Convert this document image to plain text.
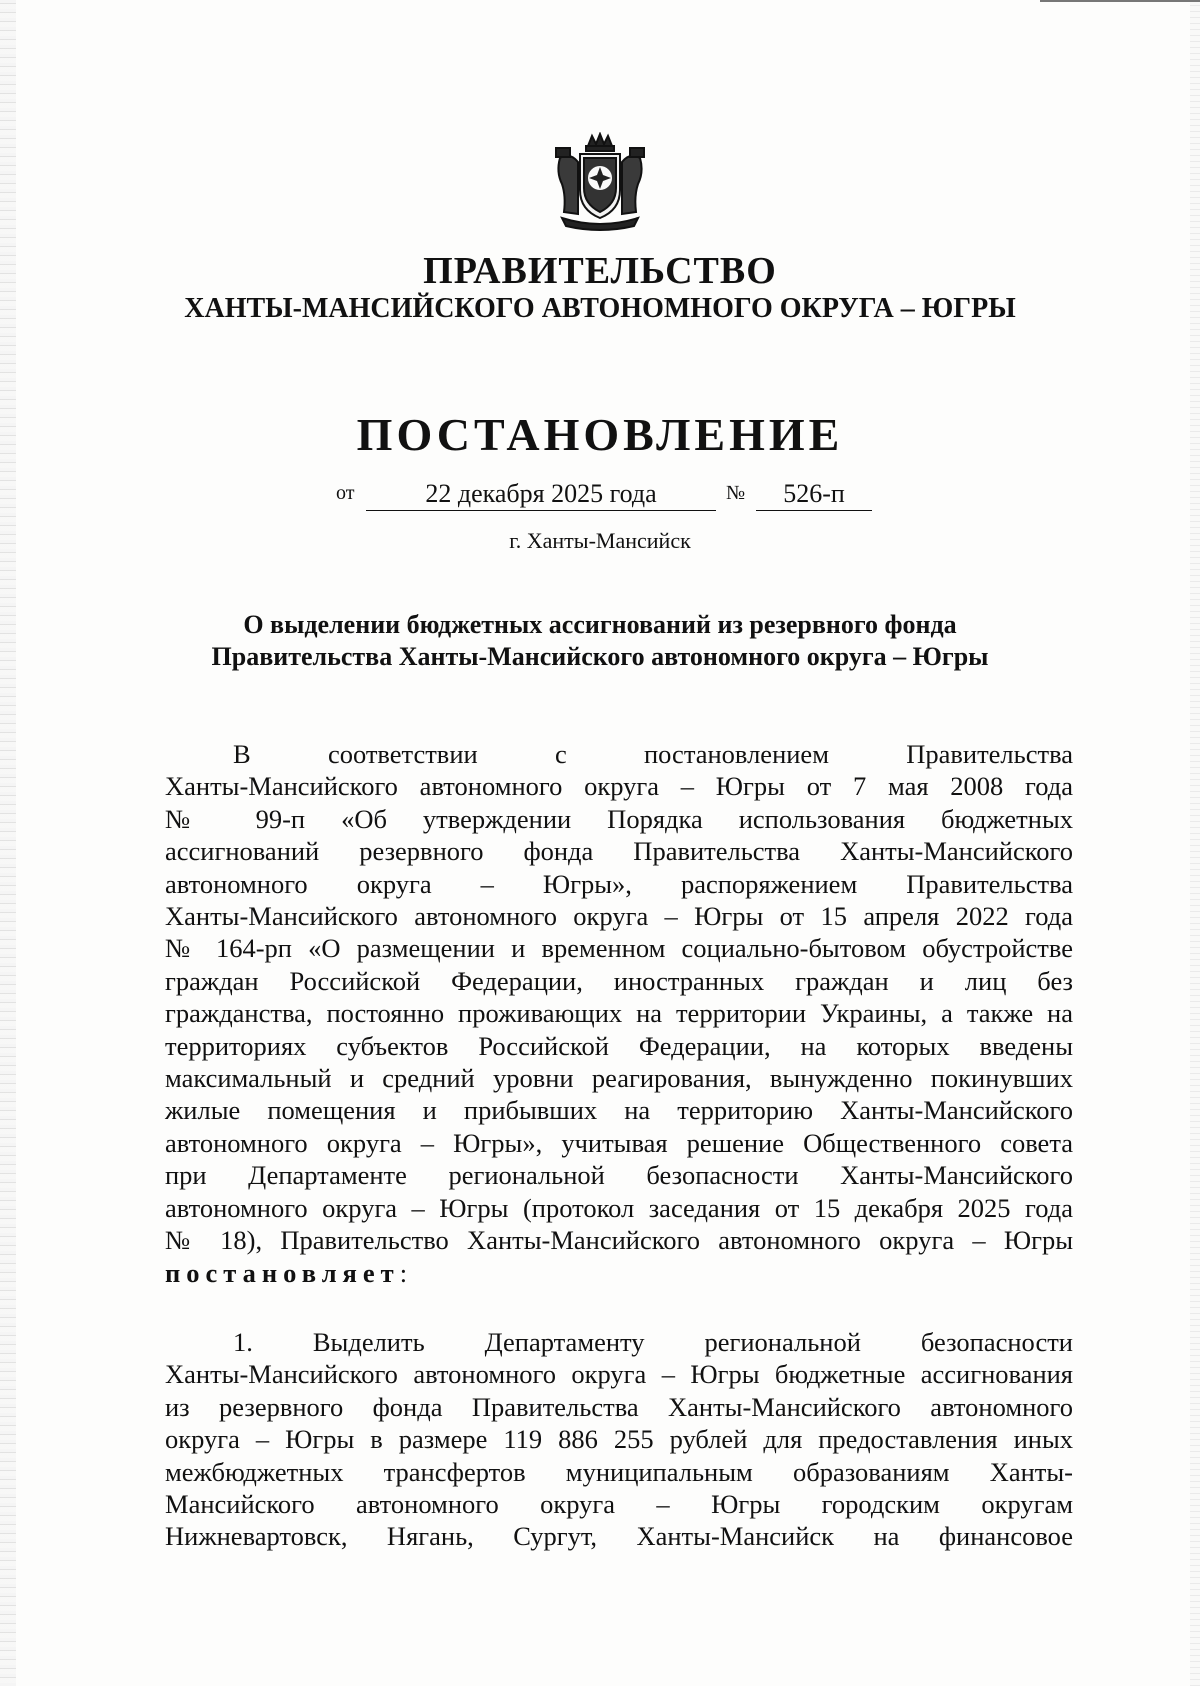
ПРАВИТЕЛЬСТВО
ХАНТЫ-МАНСИЙСКОГО АВТОНОМНОГО ОКРУГА – ЮГРЫ
ПОСТАНОВЛЕНИЕ
от	22 декабря 2025 года	№	526-п
г. Ханты-Мансийск
О выделении бюджетных ассигнований из резервного фонда
Правительства Ханты-Мансийского автономного округа – Югры
В соответствии с постановлением Правительства
Ханты-Мансийского автономного округа – Югры от 7 мая 2008 года
№ 99-п «Об утверждении Порядка использования бюджетных
ассигнований резервного фонда Правительства Ханты-Мансийского
автономного округа – Югры», распоряжением Правительства
Ханты-Мансийского автономного округа – Югры от 15 апреля 2022 года
№ 164-рп «О размещении и временном социально-бытовом обустройстве
граждан Российской Федерации, иностранных граждан и лиц без
гражданства, постоянно проживающих на территории Украины, а также на
территориях субъектов Российской Федерации, на которых введены
максимальный и средний уровни реагирования, вынужденно покинувших
жилые помещения и прибывших на территорию Ханты-Мансийского
автономного округа – Югры», учитывая решение Общественного совета
при Департаменте региональной безопасности Ханты-Мансийского
автономного округа – Югры (протокол заседания от 15 декабря 2025 года
№ 18), Правительство Ханты-Мансийского автономного округа – Югры
постановляет:
1. Выделить Департаменту региональной безопасности
Ханты-Мансийского автономного округа – Югры бюджетные ассигнования
из резервного фонда Правительства Ханты-Мансийского автономного
округа – Югры в размере 119 886 255 рублей для предоставления иных
межбюджетных трансфертов муниципальным образованиям Ханты-
Мансийского автономного округа – Югры городским округам
Нижневартовск, Нягань, Сургут, Ханты-Мансийск на финансовое
